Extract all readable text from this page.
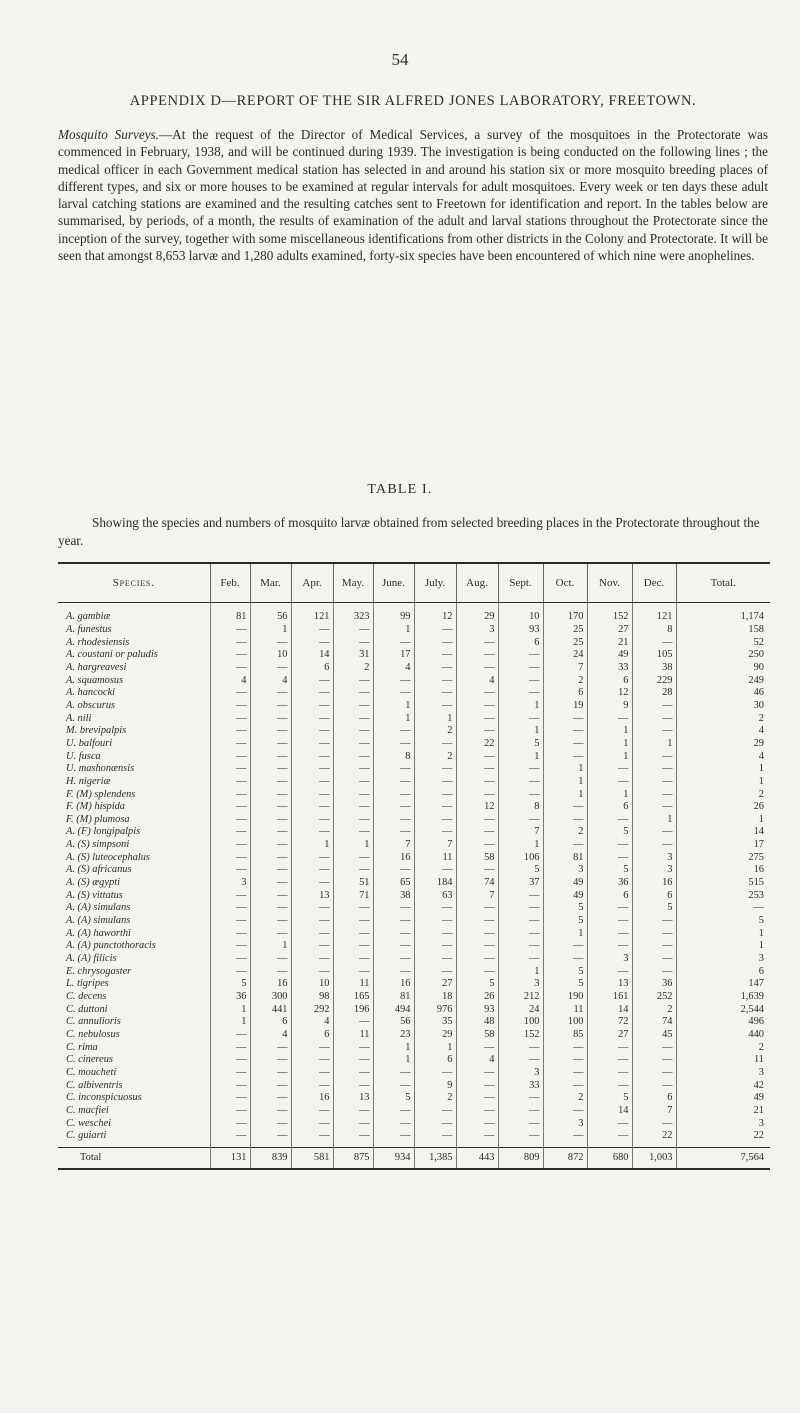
54
APPENDIX D—REPORT OF THE SIR ALFRED JONES LABORATORY, FREETOWN.
Mosquito Surveys.—At the request of the Director of Medical Services, a survey of the mosquitoes in the Protectorate was commenced in February, 1938, and will be continued during 1939. The investigation is being conducted on the following lines ; the medical officer in each Government medical station has selected in and around his station six or more mosquito breeding places of different types, and six or more houses to be examined at regular intervals for adult mosquitoes. Every week or ten days these adult larval catching stations are examined and the resulting catches sent to Freetown for identification and report. In the tables below are summarised, by periods, of a month, the results of examination of the adult and larval stations throughout the Protectorate since the inception of the survey, together with some miscellaneous identifications from other districts in the Colony and Protectorate. It will be seen that amongst 8,653 larvæ and 1,280 adults examined, forty-six species have been encountered of which nine were anophelines.
TABLE I.
Showing the species and numbers of mosquito larvæ obtained from selected breeding places in the Protectorate throughout the year.
Species.	Feb.	Mar.	Apr.	May.	June.	July.	Aug.	Sept.	Oct.	Nov.	Dec.	Total.
A. gambiæ	81	56	121	323	99	12	29	10	170	152	121	1,174
A. funestus	—	1	—	—	1	—	3	93	25	27	8	158
A. rhodesiensis	—	—	—	—	—	—	—	6	25	21	—	52
A. coustani or paludis	—	10	14	31	17	—	—	—	24	49	105	250
A. hargreavesi	—	—	6	2	4	—	—	—	7	33	38	90
A. squamosus	4	4	—	—	—	—	4	—	2	6	229	249
A. hancocki	—	—	—	—	—	—	—	—	6	12	28	46
A. obscurus	—	—	—	—	1	—	—	1	19	9	—	30
A. nili	—	—	—	—	1	1	—	—	—	—	—	2
M. brevipalpis	—	—	—	—	—	2	—	1	—	1	—	4
U. balfouri	—	—	—	—	—	—	22	5	—	1	1	29
U. fusca	—	—	—	—	8	2	—	1	—	1	—	4
U. mashonænsis	—	—	—	—	—	—	—	—	1	—	—	1
H. nigeriæ	—	—	—	—	—	—	—	—	1	—	—	1
F. (M) splendens	—	—	—	—	—	—	—	—	1	1	—	2
F. (M) hispida	—	—	—	—	—	—	12	8	—	6	—	26
F. (M) plumosa	—	—	—	—	—	—	—	—	—	—	1	1
A. (F) longipalpis	—	—	—	—	—	—	—	7	2	5	—	14
A. (S) simpsoni	—	—	1	1	7	7	—	1	—	—	—	17
A. (S) luteocephalus	—	—	—	—	16	11	58	106	81	—	3	275
A. (S) africanus	—	—	—	—	—	—	—	5	3	5	3	16
A. (S) ægypti	3	—	—	51	65	184	74	37	49	36	16	515
A. (S) vittatus	—	—	13	71	38	63	7	—	49	6	6	253
A. (A) simulans	—	—	—	—	—	—	—	—	5	—	5	—
A. (A) simulans	—	—	—	—	—	—	—	—	5	—	—	5
A. (A) haworthi	—	—	—	—	—	—	—	—	1	—	—	1
A. (A) punctothoracis	—	1	—	—	—	—	—	—	—	—	—	1
A. (A) filicis	—	—	—	—	—	—	—	—	—	3	—	3
E. chrysogaster	—	—	—	—	—	—	—	1	5	—	—	6
L. tigripes	5	16	10	11	16	27	5	3	5	13	36	147
C. decens	36	300	98	165	81	18	26	212	190	161	252	1,639
C. duttoni	1	441	292	196	494	976	93	24	11	14	2	2,544
C. annulioris	1	6	4	—	56	35	48	100	100	72	74	496
C. nebulosus	—	4	6	11	23	29	58	152	85	27	45	440
C. rima	—	—	—	—	1	1	—	—	—	—	—	2
C. cinereus	—	—	—	—	1	6	4	—	—	—	—	11
C. moucheti	—	—	—	—	—	—	—	3	—	—	—	3
C. albiventris	—	—	—	—	—	9	—	33	—	—	—	42
C. inconspicuosus	—	—	16	13	5	2	—	—	2	5	6	49
C. macfiei	—	—	—	—	—	—	—	—	—	14	7	21
C. weschei	—	—	—	—	—	—	—	—	3	—	—	3
C. guiarti	—	—	—	—	—	—	—	—	—	—	22	22
Total	131	839	581	875	934	1,385	443	809	872	680	1,003	7,564
